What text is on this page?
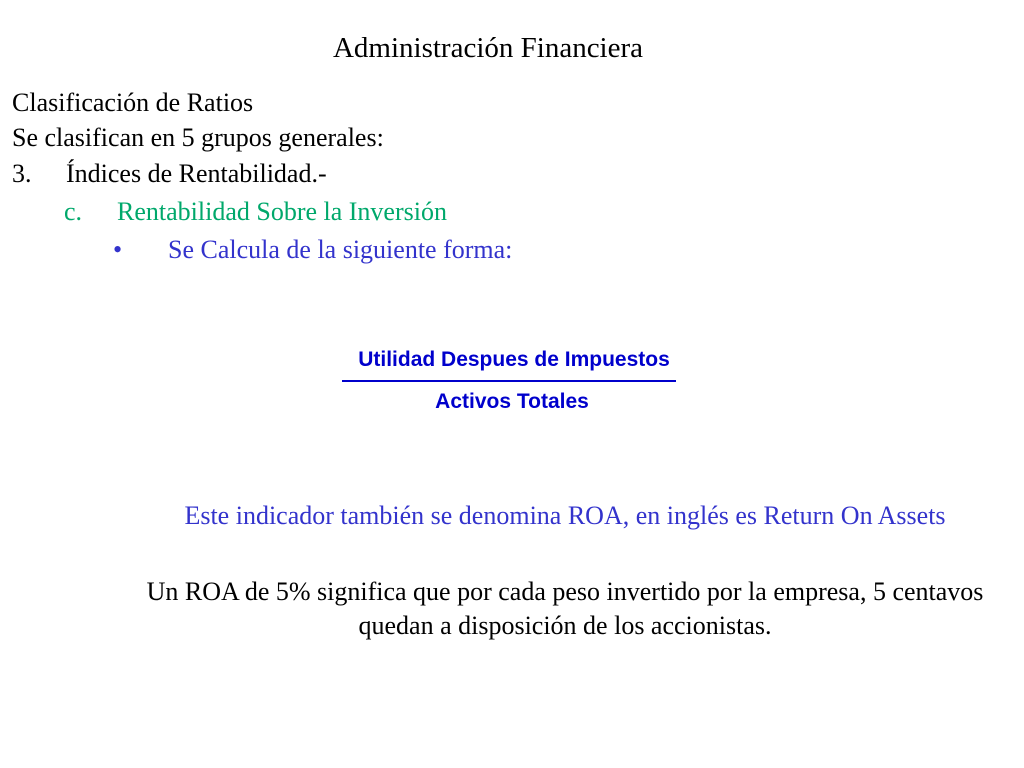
Administración Financiera
Clasificación de Ratios
Se clasifican en 5 grupos generales:
3. Índices de Rentabilidad.-
c. Rentabilidad Sobre la Inversión
• Se Calcula de la siguiente forma:
Utilidad Despues de Impuestos
Activos Totales
Este indicador también se denomina ROA, en inglés es Return On Assets
Un ROA de 5% significa que por cada peso invertido por la empresa, 5 centavos quedan a disposición de los accionistas.
